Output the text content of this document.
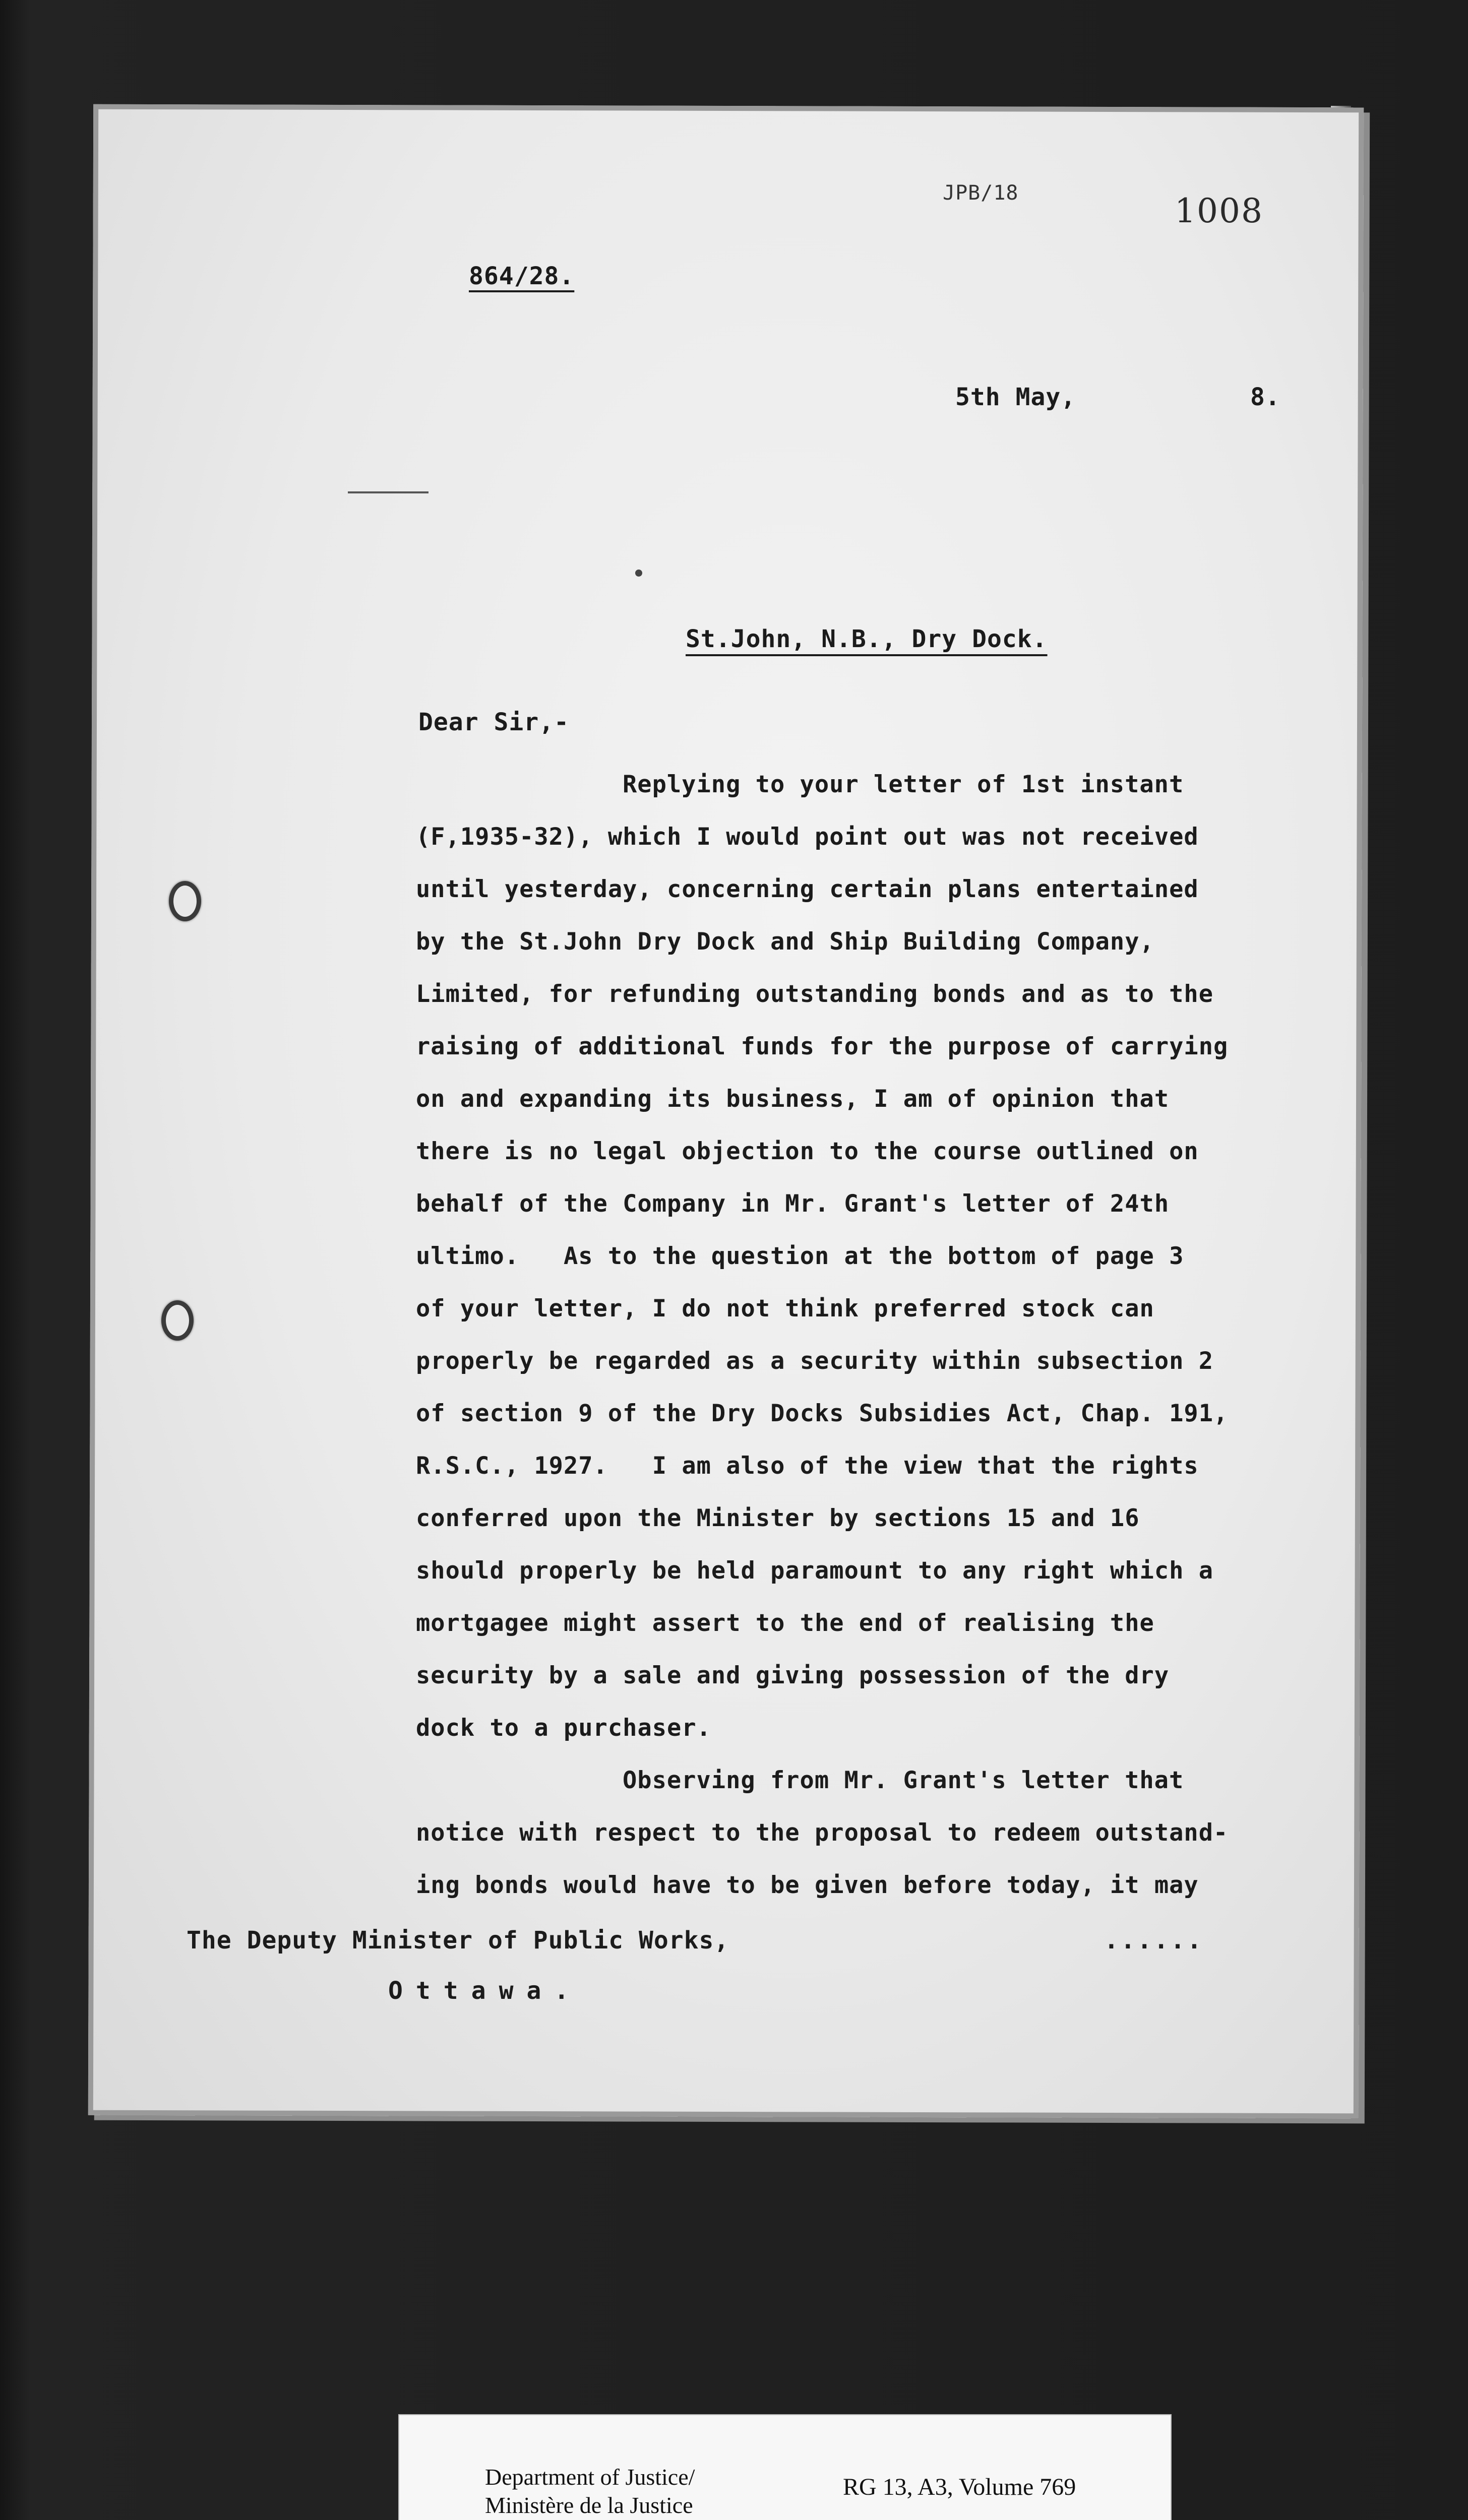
JPB/18	1008
864/28.
5th May,	8.
St.John, N.B., Dry Dock.
Dear Sir,-
Replying to your letter of 1st instant
(F,1935-32), which I would point out was not received
until yesterday, concerning certain plans entertained
by the St.John Dry Dock and Ship Building Company,
Limited, for refunding outstanding bonds and as to the
raising of additional funds for the purpose of carrying
on and expanding its business, I am of opinion that
there is no legal objection to the course outlined on
behalf of the Company in Mr. Grant's letter of 24th
ultimo.   As to the question at the bottom of page 3
of your letter, I do not think preferred stock can
properly be regarded as a security within subsection 2
of section 9 of the Dry Docks Subsidies Act, Chap. 191,
R.S.C., 1927.   I am also of the view that the rights
conferred upon the Minister by sections 15 and 16
should properly be held paramount to any right which a
mortgagee might assert to the end of realising the
security by a sale and giving possession of the dry
dock to a purchaser.
Observing from Mr. Grant's letter that
notice with respect to the proposal to redeem outstand-
ing bonds would have to be given before today, it may
The Deputy Minister of Public Works,
Ottawa.
......
Department of Justice/
Ministère de la Justice
RG 13, A3, Volume 769
